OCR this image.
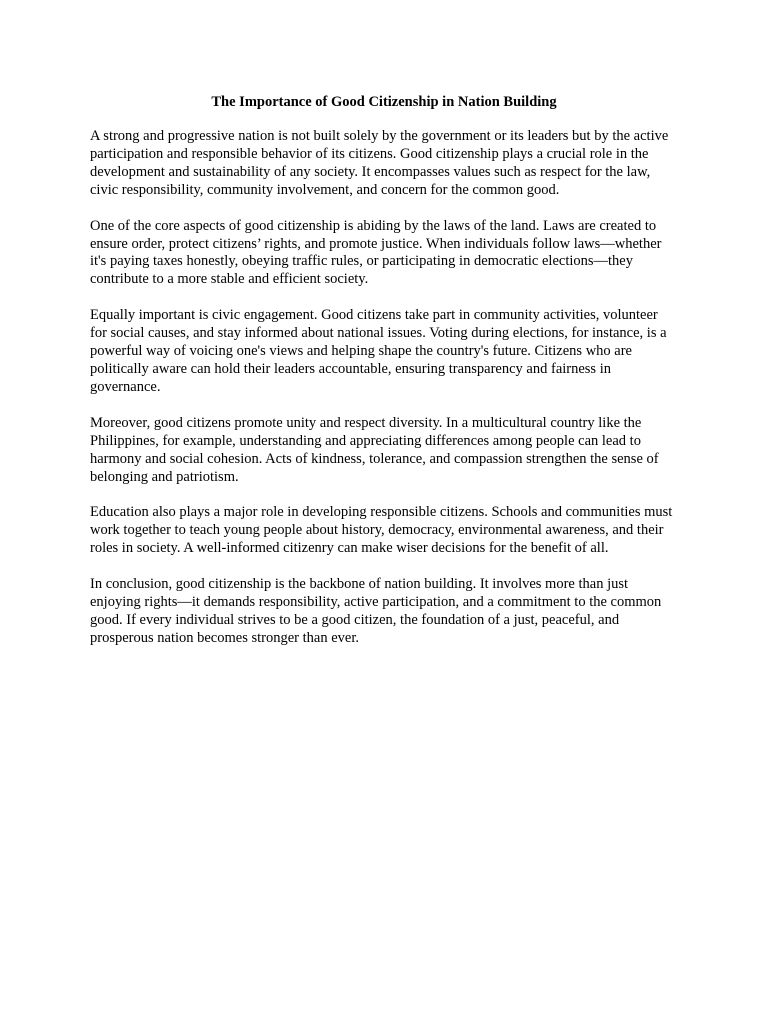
The Importance of Good Citizenship in Nation Building

A strong and progressive nation is not built solely by the government or its leaders but by the active participation and responsible behavior of its citizens. Good citizenship plays a crucial role in the development and sustainability of any society. It encompasses values such as respect for the law, civic responsibility, community involvement, and concern for the common good.

One of the core aspects of good citizenship is abiding by the laws of the land. Laws are created to ensure order, protect citizens’ rights, and promote justice. When individuals follow laws—whether it's paying taxes honestly, obeying traffic rules, or participating in democratic elections—they contribute to a more stable and efficient society.

Equally important is civic engagement. Good citizens take part in community activities, volunteer for social causes, and stay informed about national issues. Voting during elections, for instance, is a powerful way of voicing one's views and helping shape the country's future. Citizens who are politically aware can hold their leaders accountable, ensuring transparency and fairness in governance.

Moreover, good citizens promote unity and respect diversity. In a multicultural country like the Philippines, for example, understanding and appreciating differences among people can lead to harmony and social cohesion. Acts of kindness, tolerance, and compassion strengthen the sense of belonging and patriotism.

Education also plays a major role in developing responsible citizens. Schools and communities must work together to teach young people about history, democracy, environmental awareness, and their roles in society. A well-informed citizenry can make wiser decisions for the benefit of all.

In conclusion, good citizenship is the backbone of nation building. It involves more than just enjoying rights—it demands responsibility, active participation, and a commitment to the common good. If every individual strives to be a good citizen, the foundation of a just, peaceful, and prosperous nation becomes stronger than ever.
